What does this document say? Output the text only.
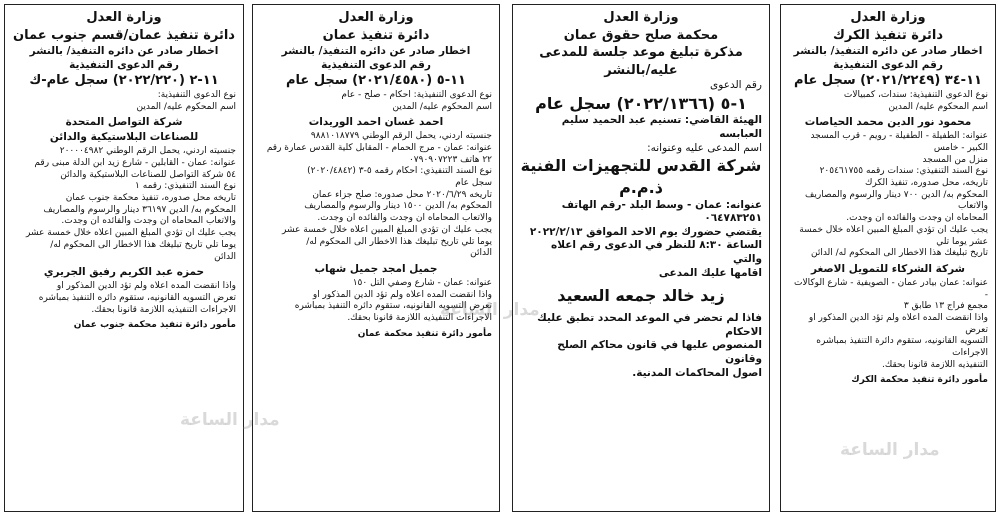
وزارة العدل
دائرة تنفيذ عمان/قسم جنوب عمان
اخطار صادر عن دائره التنفيذ/ بالنشر
رقم الدعوى التنفيذية
١١-٢ (٢٠٢٢/٢٢٠) سجل عام-ك
نوع الدعوى التنفيذية:
اسم المحكوم عليه/ المدين
شركة التواصل المتحدة
للصناعات البلاستيكية والدائن
جنسيته اردني، يحمل الرقم الوطني ٢٠٠٠٠٤٩٨٢
عنوانه: عمان - القابلين - شارع زيد ابن الدلة مبنى رقم
٥٤ شركة التواصل للصناعات البلاستيكية والدائن
نوع السند التنفيذي: رقمه ١
تاريخه محل صدوره، تنفيذ محكمة جنوب عمان
المحكوم به/ الدين ٣٦١٩٧ دينار والرسوم والمصاريف
والاتعاب المحاماه ان وجدت والفائده ان وجدت.
يجب عليك ان تؤدي المبلغ المبين اعلاه خلال خمسة عشر
يوما تلي تاريخ تبليغك هذا الاخطار الى المحكوم له/
الدائن
حمزه عبد الكريم رفيق الجريري
واذا انقضت المده اعلاه ولم تؤد الدين المذكور او
تعرض التسويه القانونيه، ستقوم دائره التنفيذ بمباشره
الاجراءات التنفيذيه اللازمة قانونا بحقك.
مأمور دائرة تنفيذ محكمة جنوب عمان
وزارة العدل
دائرة تنفيذ عمان
اخطار صادر عن دائره التنفيذ/ بالنشر
رقم الدعوى التنفيذية
١١-٥ (٢٠٢١/٤٥٨٠) سجل عام
نوع الدعوى التنفيذية: احكام - صلح - عام
اسم المحكوم عليه/ المدين
احمد غسان احمد الوريدات
جنسيته اردني، يحمل الرقم الوطني ٩٨٨١٠١٨٧٧٩
عنوانه: عمان - مرج الحمام - المقابل كلية القدس عمارة رقم
٢٢ هاتف ٠٧٩٠٩٠٧٢٢٣
نوع السند التنفيذي: احكام رقمه ٥-٣ (٢٠٢٠/٤٨٤٢)
سجل عام
تاريخه ٢٠٢٠/٦/٢٩ محل صدوره: صلح جزاء عمان
المحكوم به/ الدين ١٥٠٠ دينار والرسوم والمصاريف
والاتعاب المحاماه ان وجدت والفائده ان وجدت.
يجب عليك ان تؤدي المبلغ المبين اعلاه خلال خمسة عشر
يوما تلي تاريخ تبليغك هذا الاخطار الى المحكوم له/
الدائن
جميل امجد جميل شهاب
عنوانه: عمان - شارع وصفي التل ١٥٠
واذا انقضت المده اعلاه ولم تؤد الدين المذكور او
تعرض التسويه القانونيه، ستقوم دائره التنفيذ بمباشره
الاجراءات التنفيذيه اللازمة قانونا بحقك.
مأمور دائرة تنفيذ محكمة عمان
وزارة العدل
محكمة صلح حقوق عمان
مذكرة تبليغ موعد جلسة للمدعى
عليه/بالنشر
رقم الدعوى
١-٥ (٢٠٢٢/١٣٦٦) سجل عام
الهيئة القاضي: تسنيم عبد الحميد سليم العبابسه
اسم المدعى عليه وعنوانه:
شركة القدس للتجهيزات الفنية ذ.م.م
عنوانه: عمان - وسط البلد -رقم الهاتف
٠٦٤٧٨٣٢٥١
يقتضي حضورك يوم الاحد الموافق ٢٠٢٢/٢/١٣
الساعة ٨:٣٠ للنظر في الدعوى رقم اعلاه والتي
اقامها عليك المدعى
زيد خالد جمعه السعيد
فاذا لم تحضر في الموعد المحدد تطبق عليك الاحكام
المنصوص عليها في قانون محاكم الصلح وقانون
اصول المحاكمات المدنية.
وزارة العدل
دائرة تنفيذ الكرك
اخطار صادر عن دائره التنفيذ/ بالنشر
رقم الدعوى التنفيذية
١١-٣٤ (٢٠٢١/٢٢٤٩) سجل عام
نوع الدعوى التنفيذية: سندات، كمبيالات
اسم المحكوم عليه/ المدين
محمود نور الدين محمد الحياصات
عنوانه: الطفيلة - الطفيلة - رويم - قرب المسجد الكبير - خامس
منزل من المسجد
نوع السند التنفيذي: سندات رقمه ٢٠٥٤٦١٧٥٥
تاريخه، محل صدوره، تنفيذ الكرك
المحكوم به/ الدين ٧٠٠ دينار والرسوم والمصاريف والاتعاب
المحاماه ان وجدت والفائده ان وجدت.
يجب عليك ان تؤدي المبلغ المبين اعلاه خلال خمسة عشر يوما تلي
تاريخ تبليغك هذا الاخطار الى المحكوم له/ الدائن
شركة الشركاء للتمويل الاصغر
عنوانه: عمان بيادر عمان - الصويفية - شارع الوكالات -
مجمع فراج ١٣ طابق ٣
واذا انقضت المده اعلاه ولم تؤد الدين المذكور او تعرض
التسويه القانونيه، ستقوم دائرة التنفيذ بمباشره الاجراءات
التنفيذيه اللازمة قانونا بحقك.
مأمور دائرة تنفيذ محكمة الكرك
مدار الساعة
مدار الساعة
مدار الساعة
